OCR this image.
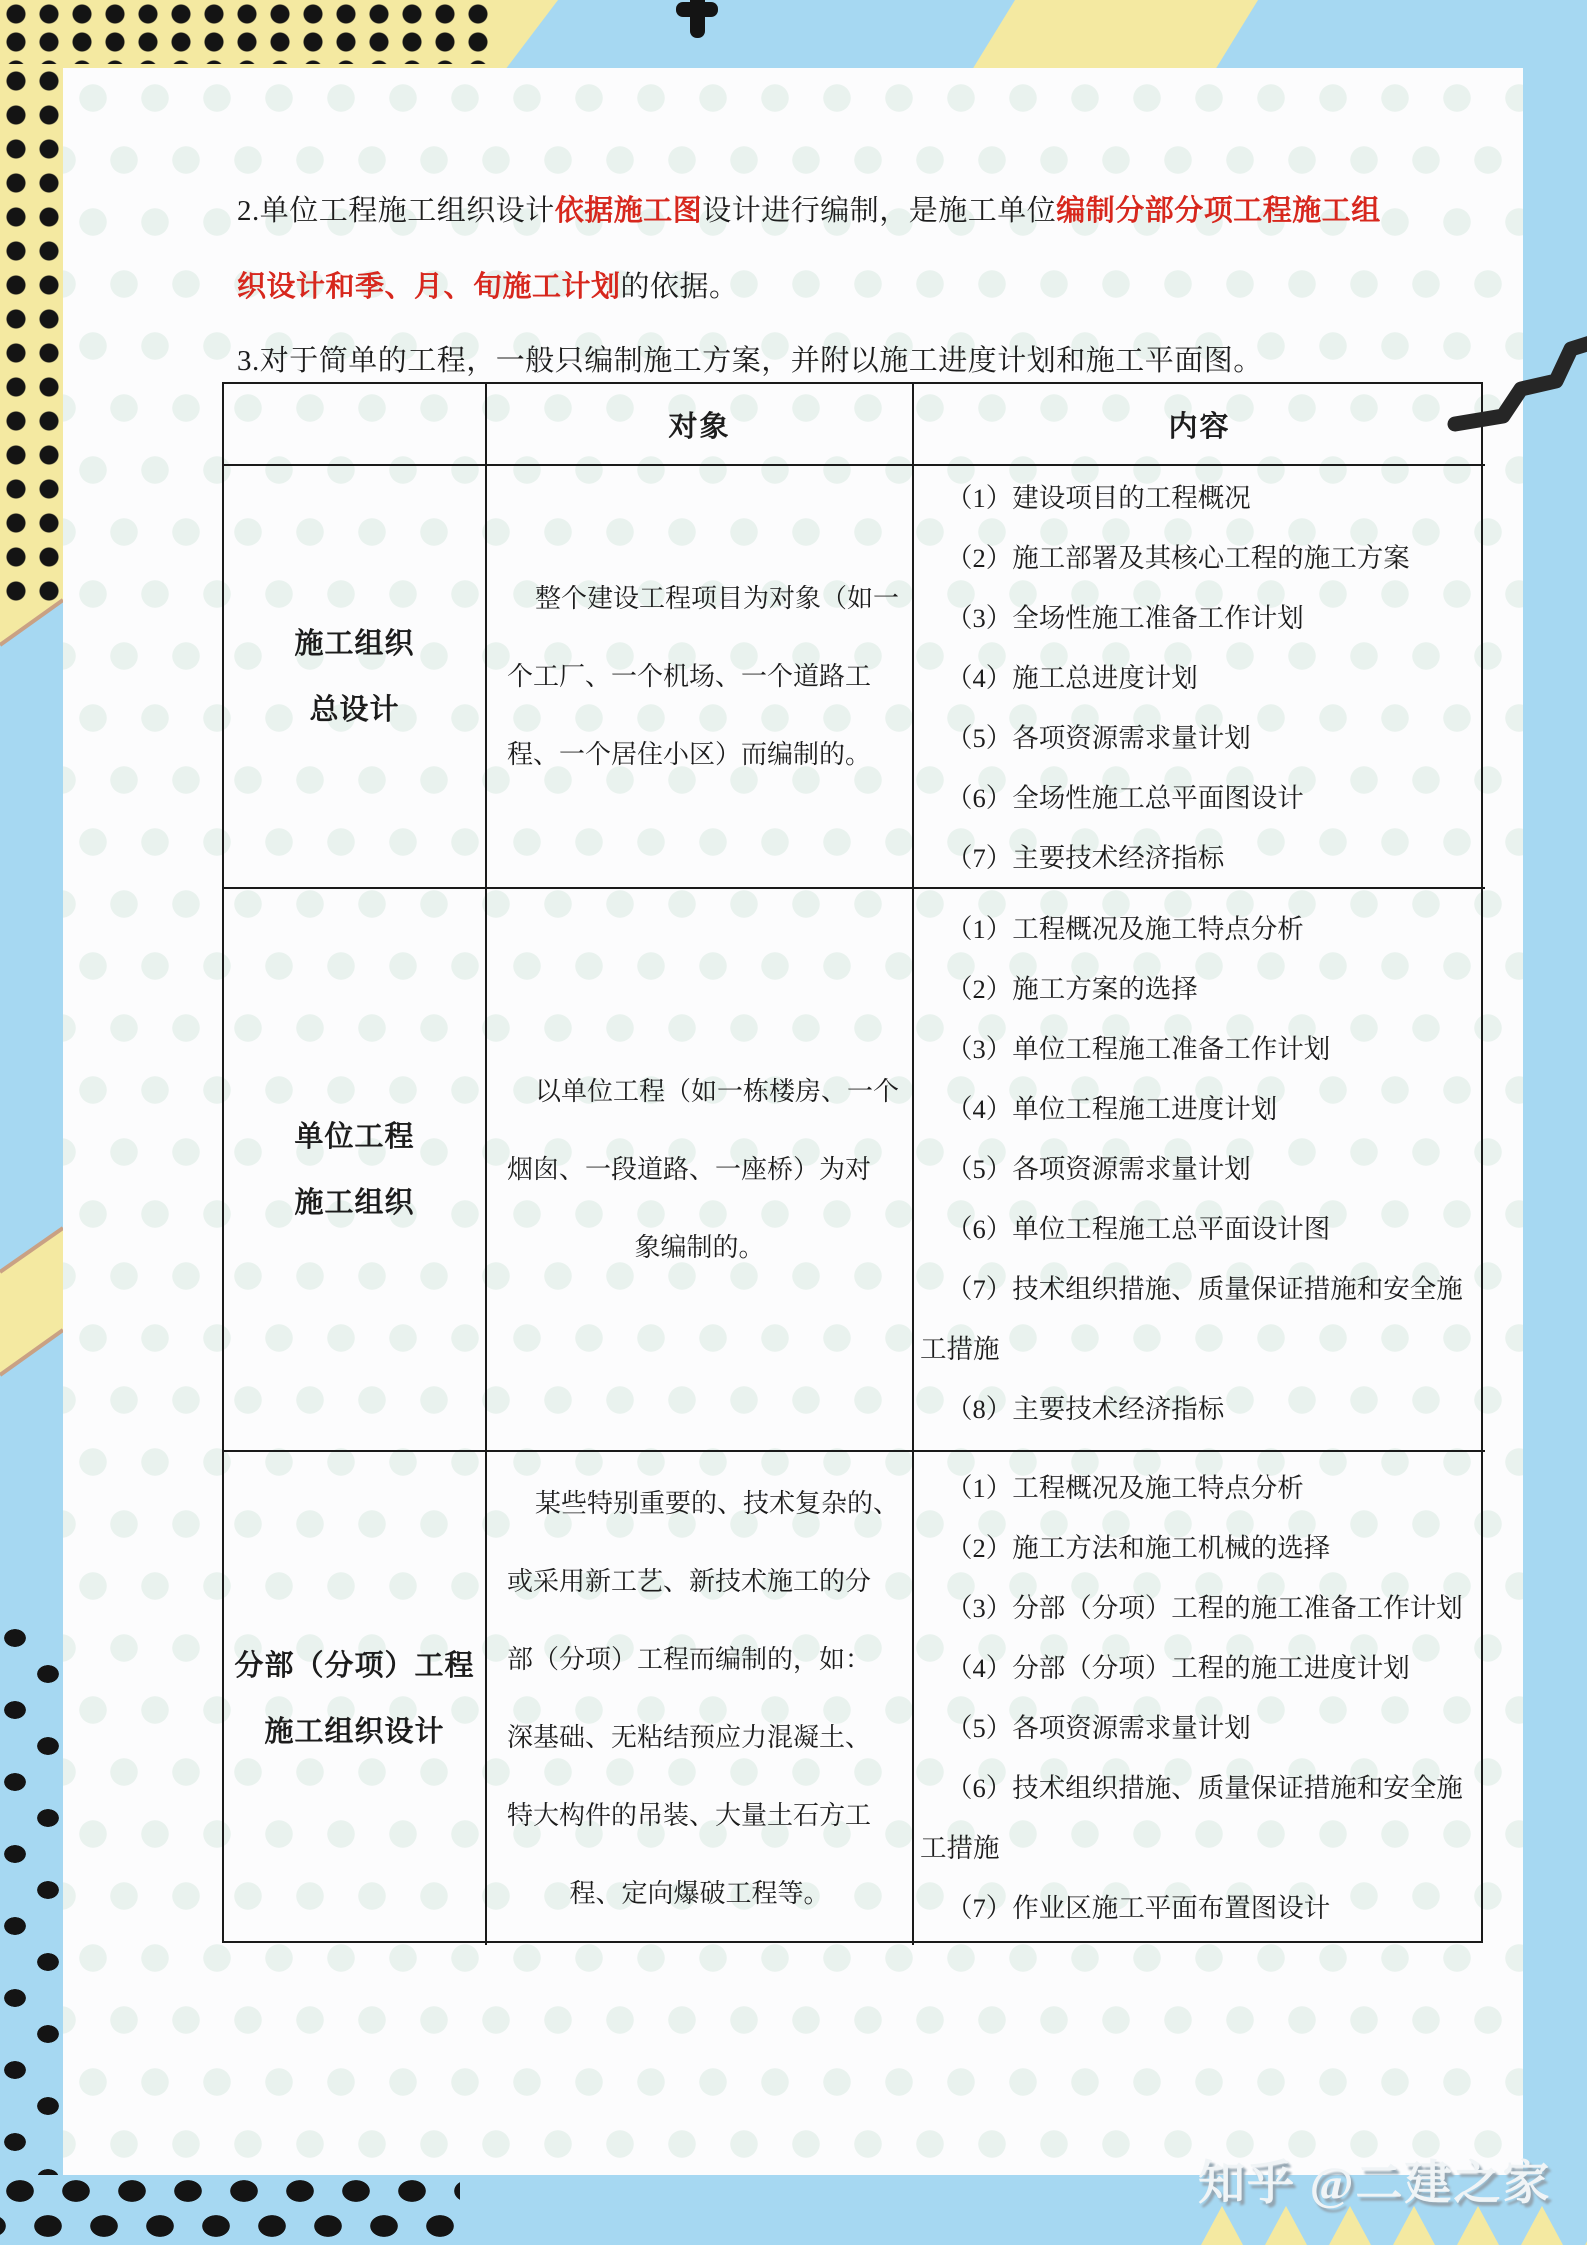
2.单位工程施工组织设计依据施工图设计进行编制，是施工单位编制分部分项工程施工组
织设计和季、月、旬施工计划的依据。
3.对于简单的工程，一般只编制施工方案，并附以施工进度计划和施工平面图。
对象	内容
施工组织
总设计
整个建设工程项目为对象（如一
个工厂、一个机场、一个道路工
程、一个居住小区）而编制的。
（1）建设项目的工程概况
（2）施工部署及其核心工程的施工方案
（3）全场性施工准备工作计划
（4）施工总进度计划
（5）各项资源需求量计划
（6）全场性施工总平面图设计
（7）主要技术经济指标
单位工程
施工组织
以单位工程（如一栋楼房、一个
烟囱、一段道路、一座桥）为对
象编制的。
（1）工程概况及施工特点分析
（2）施工方案的选择
（3）单位工程施工准备工作计划
（4）单位工程施工进度计划
（5）各项资源需求量计划
（6）单位工程施工总平面设计图
（7）技术组织措施、质量保证措施和安全施工措施
（8）主要技术经济指标
分部（分项）工程
施工组织设计
某些特别重要的、技术复杂的、
或采用新工艺、新技术施工的分
部（分项）工程而编制的，如：
深基础、无粘结预应力混凝土、
特大构件的吊装、大量土石方工
程、定向爆破工程等。
（1）工程概况及施工特点分析
（2）施工方法和施工机械的选择
（3）分部（分项）工程的施工准备工作计划
（4）分部（分项）工程的施工进度计划
（5）各项资源需求量计划
（6）技术组织措施、质量保证措施和安全施工措施
（7）作业区施工平面布置图设计
知乎 @二建之家
